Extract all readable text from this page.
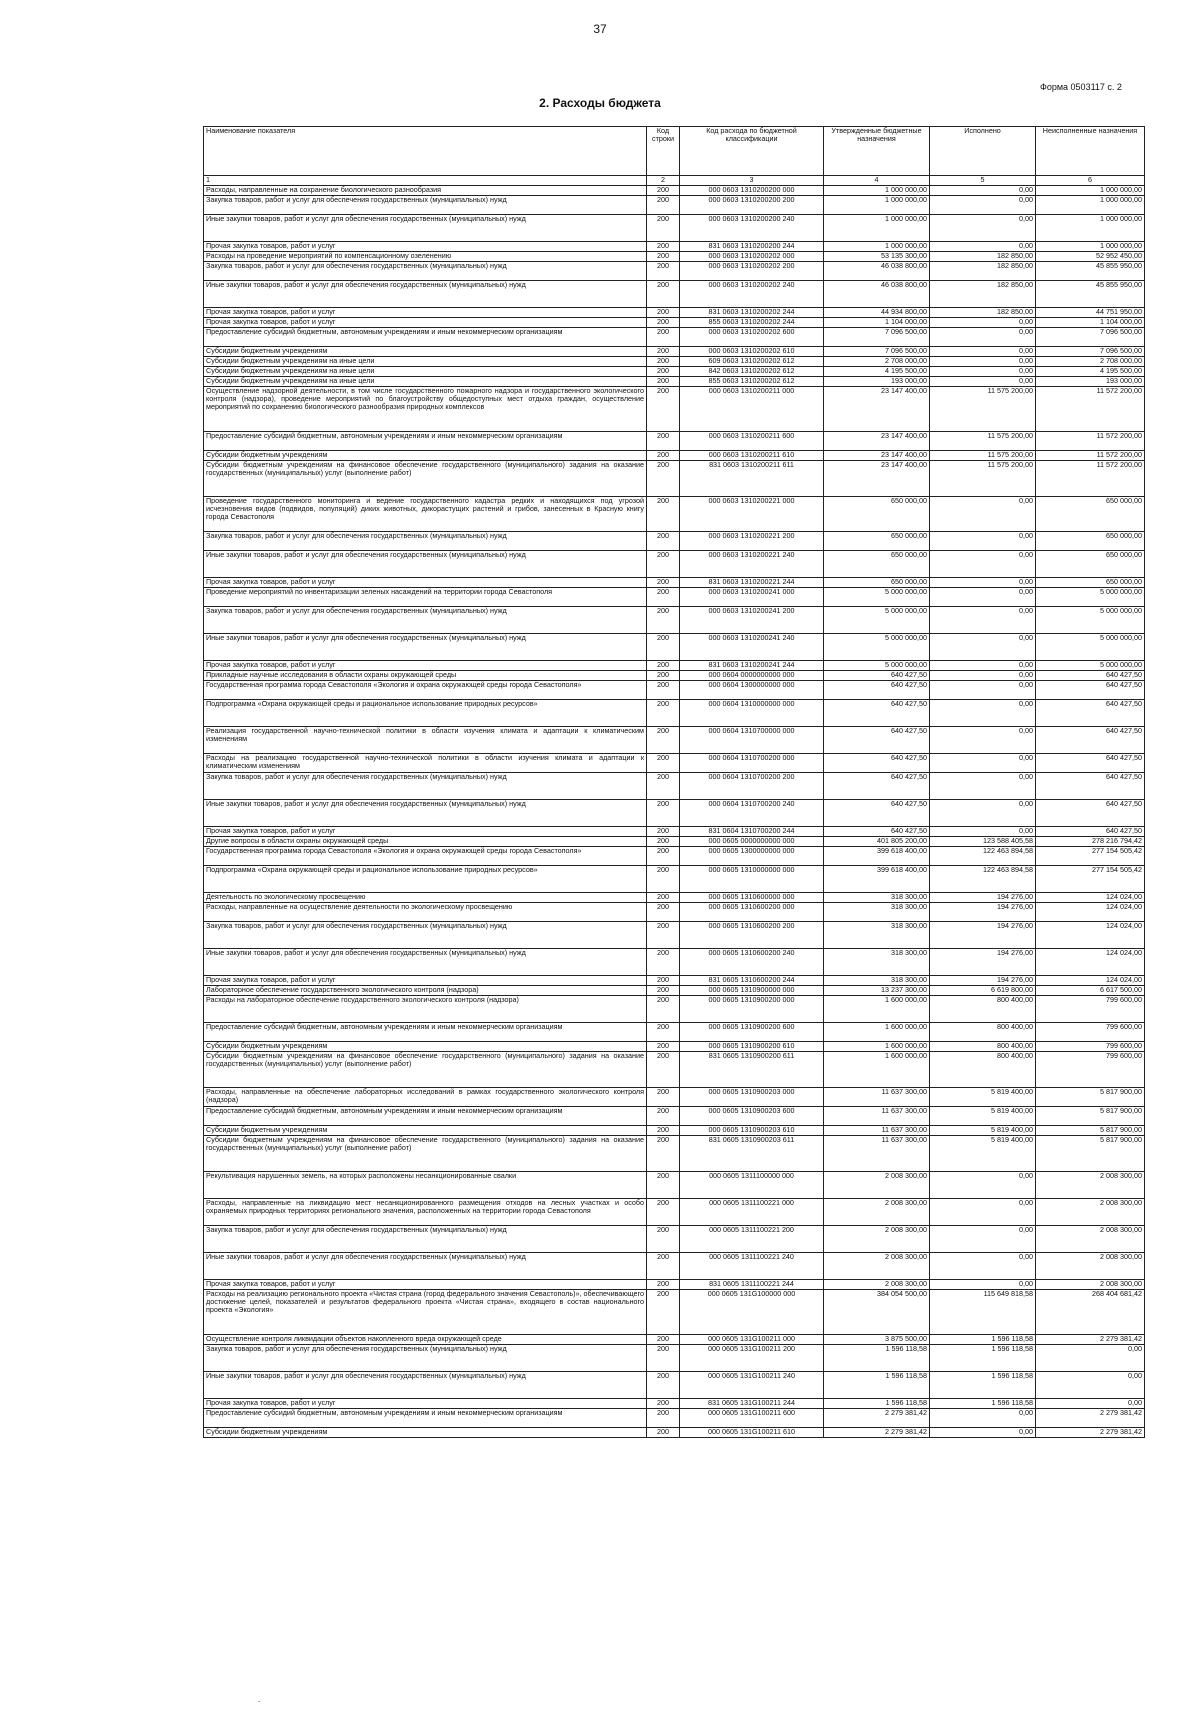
37
Форма 0503117 с. 2
2. Расходы бюджета
Наименование показателя	Код строки	Код расхода по бюджетной классификации	Утвержденные бюджетные назначения	Исполнено	Неисполненные назначения
1	2	3	4	5	6
Расходы, направленные на сохранение биологического разнообразия	200	000 0603 1310200200 000	1 000 000,00	0,00	1 000 000,00
Закупка товаров, работ и услуг для обеспечения государственных (муниципальных) нужд	200	000 0603 1310200200 200	1 000 000,00	0,00	1 000 000,00
Иные закупки товаров, работ и услуг для обеспечения государственных (муниципальных) нужд	200	000 0603 1310200200 240	1 000 000,00	0,00	1 000 000,00
Прочая закупка товаров, работ и услуг	200	831 0603 1310200200 244	1 000 000,00	0,00	1 000 000,00
Расходы на проведение мероприятий по компенсационному озеленению	200	000 0603 1310200202 000	53 135 300,00	182 850,00	52 952 450,00
Закупка товаров, работ и услуг для обеспечения государственных (муниципальных) нужд	200	000 0603 1310200202 200	46 038 800,00	182 850,00	45 855 950,00
Иные закупки товаров, работ и услуг для обеспечения государственных (муниципальных) нужд	200	000 0603 1310200202 240	46 038 800,00	182 850,00	45 855 950,00
Прочая закупка товаров, работ и услуг	200	831 0603 1310200202 244	44 934 800,00	182 850,00	44 751 950,00
Прочая закупка товаров, работ и услуг	200	855 0603 1310200202 244	1 104 000,00	0,00	1 104 000,00
Предоставление субсидий бюджетным, автономным учреждениям и иным некоммерческим организациям	200	000 0603 1310200202 600	7 096 500,00	0,00	7 096 500,00
Субсидии бюджетным учреждениям	200	000 0603 1310200202 610	7 096 500,00	0,00	7 096 500,00
Субсидии бюджетным учреждениям на иные цели	200	609 0603 1310200202 612	2 708 000,00	0,00	2 708 000,00
Субсидии бюджетным учреждениям на иные цели	200	842 0603 1310200202 612	4 195 500,00	0,00	4 195 500,00
Субсидии бюджетным учреждениям на иные цели	200	855 0603 1310200202 612	193 000,00	0,00	193 000,00
Осуществление надзорной деятельности, в том числе государственного пожарного надзора и государственного экологического контроля (надзора), проведение мероприятий по благоустройству общедоступных мест отдыха граждан, осуществление мероприятий по сохранению биологического разнообразия природных комплексов	200	000 0603 1310200211 000	23 147 400,00	11 575 200,00	11 572 200,00
Предоставление субсидий бюджетным, автономным учреждениям и иным некоммерческим организациям	200	000 0603 1310200211 600	23 147 400,00	11 575 200,00	11 572 200,00
Субсидии бюджетным учреждениям	200	000 0603 1310200211 610	23 147 400,00	11 575 200,00	11 572 200,00
Субсидии бюджетным учреждениям на финансовое обеспечение государственного (муниципального) задания на оказание государственных (муниципальных) услуг (выполнение работ)	200	831 0603 1310200211 611	23 147 400,00	11 575 200,00	11 572 200,00
Проведение государственного мониторинга и ведение государственного кадастра редких и находящихся под угрозой исчезновения видов (подвидов, популяций) диких животных, дикорастущих растений и грибов, занесенных в Красную книгу города Севастополя	200	000 0603 1310200221 000	650 000,00	0,00	650 000,00
Закупка товаров, работ и услуг для обеспечения государственных (муниципальных) нужд	200	000 0603 1310200221 200	650 000,00	0,00	650 000,00
Иные закупки товаров, работ и услуг для обеспечения государственных (муниципальных) нужд	200	000 0603 1310200221 240	650 000,00	0,00	650 000,00
Прочая закупка товаров, работ и услуг	200	831 0603 1310200221 244	650 000,00	0,00	650 000,00
Проведение мероприятий по инвентаризации зеленых насаждений на территории города Севастополя	200	000 0603 1310200241 000	5 000 000,00	0,00	5 000 000,00
Закупка товаров, работ и услуг для обеспечения государственных (муниципальных) нужд	200	000 0603 1310200241 200	5 000 000,00	0,00	5 000 000,00
Иные закупки товаров, работ и услуг для обеспечения государственных (муниципальных) нужд	200	000 0603 1310200241 240	5 000 000,00	0,00	5 000 000,00
Прочая закупка товаров, работ и услуг	200	831 0603 1310200241 244	5 000 000,00	0,00	5 000 000,00
Прикладные научные исследования в области охраны окружающей среды	200	000 0604 0000000000 000	640 427,50	0,00	640 427,50
Государственная программа города Севастополя «Экология и охрана окружающей среды города Севастополя»	200	000 0604 1300000000 000	640 427,50	0,00	640 427,50
Подпрограмма «Охрана окружающей среды и рациональное использование природных ресурсов»	200	000 0604 1310000000 000	640 427,50	0,00	640 427,50
Реализация государственной научно-технической политики в области изучения климата и адаптации к климатическим изменениям	200	000 0604 1310700000 000	640 427,50	0,00	640 427,50
Расходы на реализацию государственной научно-технической политики в области изучения климата и адаптации к климатическим изменениям	200	000 0604 1310700200 000	640 427,50	0,00	640 427,50
Закупка товаров, работ и услуг для обеспечения государственных (муниципальных) нужд	200	000 0604 1310700200 200	640 427,50	0,00	640 427,50
Иные закупки товаров, работ и услуг для обеспечения государственных (муниципальных) нужд	200	000 0604 1310700200 240	640 427,50	0,00	640 427,50
Прочая закупка товаров, работ и услуг	200	831 0604 1310700200 244	640 427,50	0,00	640 427,50
Другие вопросы в области охраны окружающей среды	200	000 0605 0000000000 000	401 805 200,00	123 588 405,58	278 216 794,42
Государственная программа города Севастополя «Экология и охрана окружающей среды города Севастополя»	200	000 0605 1300000000 000	399 618 400,00	122 463 894,58	277 154 505,42
Подпрограмма «Охрана окружающей среды и рациональное использование природных ресурсов»	200	000 0605 1310000000 000	399 618 400,00	122 463 894,58	277 154 505,42
Деятельность по экологическому просвещению	200	000 0605 1310600000 000	318 300,00	194 276,00	124 024,00
Расходы, направленные на осуществление деятельности по экологическому просвещению	200	000 0605 1310600200 000	318 300,00	194 276,00	124 024,00
Закупка товаров, работ и услуг для обеспечения государственных (муниципальных) нужд	200	000 0605 1310600200 200	318 300,00	194 276,00	124 024,00
Иные закупки товаров, работ и услуг для обеспечения государственных (муниципальных) нужд	200	000 0605 1310600200 240	318 300,00	194 276,00	124 024,00
Прочая закупка товаров, работ и услуг	200	831 0605 1310600200 244	318 300,00	194 276,00	124 024,00
Лабораторное обеспечение государственного экологического контроля (надзора)	200	000 0605 1310900000 000	13 237 300,00	6 619 800,00	6 617 500,00
Расходы на лабораторное обеспечение государственного экологического контроля (надзора)	200	000 0605 1310900200 000	1 600 000,00	800 400,00	799 600,00
Предоставление субсидий бюджетным, автономным учреждениям и иным некоммерческим организациям	200	000 0605 1310900200 600	1 600 000,00	800 400,00	799 600,00
Субсидии бюджетным учреждениям	200	000 0605 1310900200 610	1 600 000,00	800 400,00	799 600,00
Субсидии бюджетным учреждениям на финансовое обеспечение государственного (муниципального) задания на оказание государственных (муниципальных) услуг (выполнение работ)	200	831 0605 1310900200 611	1 600 000,00	800 400,00	799 600,00
Расходы, направленные на обеспечение лабораторных исследований в рамках государственного экологического контроля (надзора)	200	000 0605 1310900203 000	11 637 300,00	5 819 400,00	5 817 900,00
Предоставление субсидий бюджетным, автономным учреждениям и иным некоммерческим организациям	200	000 0605 1310900203 600	11 637 300,00	5 819 400,00	5 817 900,00
Субсидии бюджетным учреждениям	200	000 0605 1310900203 610	11 637 300,00	5 819 400,00	5 817 900,00
Субсидии бюджетным учреждениям на финансовое обеспечение государственного (муниципального) задания на оказание государственных (муниципальных) услуг (выполнение работ)	200	831 0605 1310900203 611	11 637 300,00	5 819 400,00	5 817 900,00
Рекультивация нарушенных земель, на которых расположены несанкционированные свалки	200	000 0605 1311100000 000	2 008 300,00	0,00	2 008 300,00
Расходы, направленные на ликвидацию мест несанкционированного размещения отходов на лесных участках и особо охраняемых природных территориях регионального значения, расположенных на территории города Севастополя	200	000 0605 1311100221 000	2 008 300,00	0,00	2 008 300,00
Закупка товаров, работ и услуг для обеспечения государственных (муниципальных) нужд	200	000 0605 1311100221 200	2 008 300,00	0,00	2 008 300,00
Иные закупки товаров, работ и услуг для обеспечения государственных (муниципальных) нужд	200	000 0605 1311100221 240	2 008 300,00	0,00	2 008 300,00
Прочая закупка товаров, работ и услуг	200	831 0605 1311100221 244	2 008 300,00	0,00	2 008 300,00
Расходы на реализацию регионального проекта «Чистая страна (город федерального значения Севастополь)», обеспечивающего достижение целей, показателей и результатов федерального проекта «Чистая страна», входящего в состав национального проекта «Экология»	200	000 0605 131G100000 000	384 054 500,00	115 649 818,58	268 404 681,42
Осуществление контроля ликвидации объектов накопленного вреда окружающей среде	200	000 0605 131G100211 000	3 875 500,00	1 596 118,58	2 279 381,42
Закупка товаров, работ и услуг для обеспечения государственных (муниципальных) нужд	200	000 0605 131G100211 200	1 596 118,58	1 596 118,58	0,00
Иные закупки товаров, работ и услуг для обеспечения государственных (муниципальных) нужд	200	000 0605 131G100211 240	1 596 118,58	1 596 118,58	0,00
Прочая закупка товаров, работ и услуг	200	831 0605 131G100211 244	1 596 118,58	1 596 118,58	0,00
Предоставление субсидий бюджетным, автономным учреждениям и иным некоммерческим организациям	200	000 0605 131G100211 600	2 279 381,42	0,00	2 279 381,42
Субсидии бюджетным учреждениям	200	000 0605 131G100211 610	2 279 381,42	0,00	2 279 381,42
.
